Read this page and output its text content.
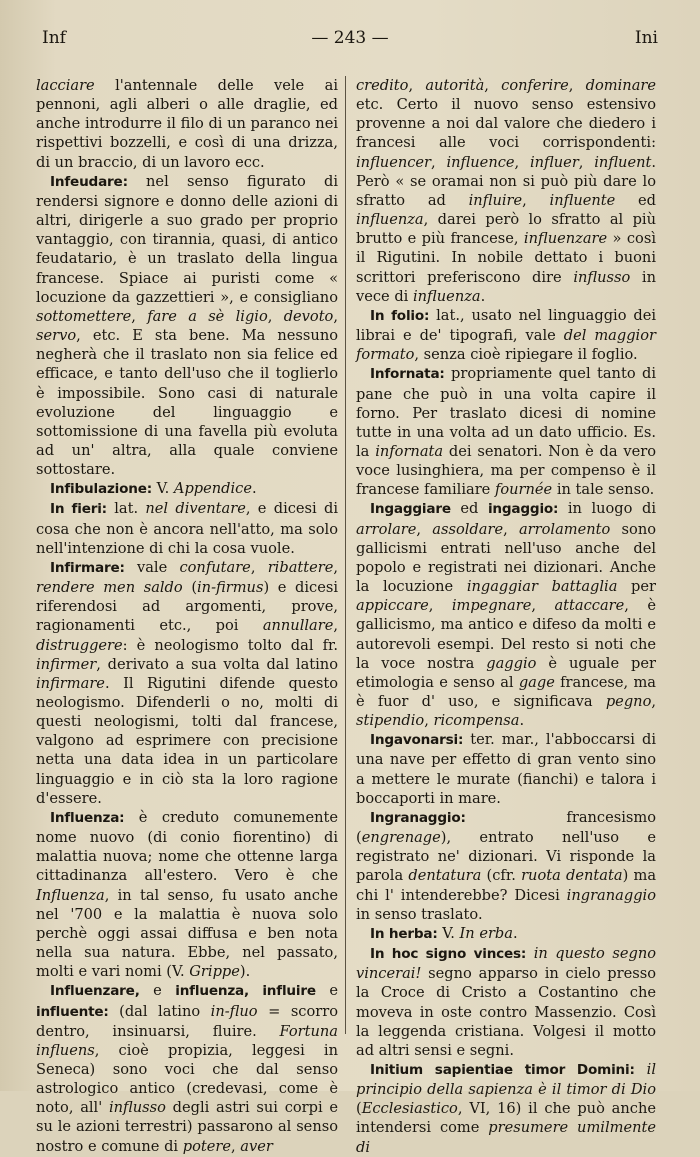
Inf	— 243 —	Ini

lacciare l'antennale delle vele ai pennoni, agli alberi o alle draglie, ed anche introdurre il filo di un paranco nei rispettivi bozzelli, e così di una drizza, di un braccio, di un lavoro ecc.

Infeudare: nel senso figurato di rendersi signore e donno delle azioni di altri, dirigerle a suo grado per proprio vantaggio, con tirannia, quasi, di antico feudatario, è un traslato della lingua francese. Spiace ai puristi come « locuzione da gazzettieri », e consigliano sottomettere, fare a sè ligio, devoto, servo, etc. E sta bene. Ma nessuno negherà che il traslato non sia felice ed efficace, e tanto dell'uso che il toglierlo è impossibile. Sono casi di naturale evoluzione del linguaggio e sottomissione di una favella più evoluta ad un' altra, alla quale conviene sottostare.

Infibulazione: V. Appendice.

In fieri: lat. nel diventare, e dicesi di cosa che non è ancora nell'atto, ma solo nell'intenzione di chi la cosa vuole.

Infirmare: vale confutare, ribattere, rendere men saldo (in-firmus) e dicesi riferendosi ad argomenti, prove, ragionamenti etc., poi annullare, distruggere: è neologismo tolto dal fr. infirmer, derivato a sua volta dal latino infirmare. Il Rigutini difende questo neologismo. Difenderli o no, molti di questi neologismi, tolti dal francese, valgono ad esprimere con precisione netta una data idea in un particolare linguaggio e in ciò sta la loro ragione d'essere.

Influenza: è creduto comunemente nome nuovo (di conio fiorentino) di malattia nuova; nome che ottenne larga cittadinanza all'estero. Vero è che Influenza, in tal senso, fu usato anche nel '700 e la malattia è nuova solo perchè oggi assai diffusa e ben nota nella sua natura. Ebbe, nel passato, molti e vari nomi (V. Grippe).

Influenzare, e influenza, influire e influente: (dal latino in-fluo = scorro dentro, insinuarsi, fluire. Fortuna influens, cioè propizia, leggesi in Seneca) sono voci che dal senso astrologico antico (credevasi, come è noto, all' influsso degli astri sui corpi e su le azioni terrestri) passarono al senso nostro e comune di potere, aver

credito, autorità, conferire, dominare etc. Certo il nuovo senso estensivo provenne a noi dal valore che diedero i francesi alle voci corrispondenti: influencer, influence, influer, influent. Però « se oramai non si può più dare lo sfratto ad influire, influente ed influenza, darei però lo sfratto al più brutto e più francese, influenzare » così il Rigutini. In nobile dettato i buoni scrittori preferiscono dire influsso in vece di influenza.

In folio: lat., usato nel linguaggio dei librai e de' tipografi, vale del maggior formato, senza cioè ripiegare il foglio.

Infornata: propriamente quel tanto di pane che può in una volta capire il forno. Per traslato dicesi di nomine tutte in una volta ad un dato ufficio. Es. la infornata dei senatori. Non è da vero voce lusinghiera, ma per compenso è il francese familiare fournée in tale senso.

Ingaggiare ed ingaggio: in luogo di arrolare, assoldare, arrolamento sono gallicismi entrati nell'uso anche del popolo e registrati nei dizionari. Anche la locuzione ingaggiar battaglia per appiccare, impegnare, attaccare, è gallicismo, ma antico e difeso da molti e autorevoli esempi. Del resto si noti che la voce nostra gaggio è uguale per etimologia e senso al gage francese, ma è fuor d' uso, e significava pegno, stipendio, ricompensa.

Ingavonarsi: ter. mar., l'abboccarsi di una nave per effetto di gran vento sino a mettere le murate (fianchi) e talora i boccaporti in mare.

Ingranaggio: francesismo (engrenage), entrato nell'uso e registrato ne' dizionari. Vi risponde la parola dentatura (cfr. ruota dentata) ma chi l' intenderebbe? Dicesi ingranaggio in senso traslato.

In herba: V. In erba.

In hoc signo vinces: in questo segno vincerai! segno apparso in cielo presso la Croce di Cristo a Costantino che moveva in oste contro Massenzio. Così la leggenda cristiana. Volgesi il motto ad altri sensi e segni.

Initium sapientiae timor Domini: il principio della sapienza è il timor di Dio (Ecclesiastico, VI, 16) il che può anche intendersi come presumere umilmente di
